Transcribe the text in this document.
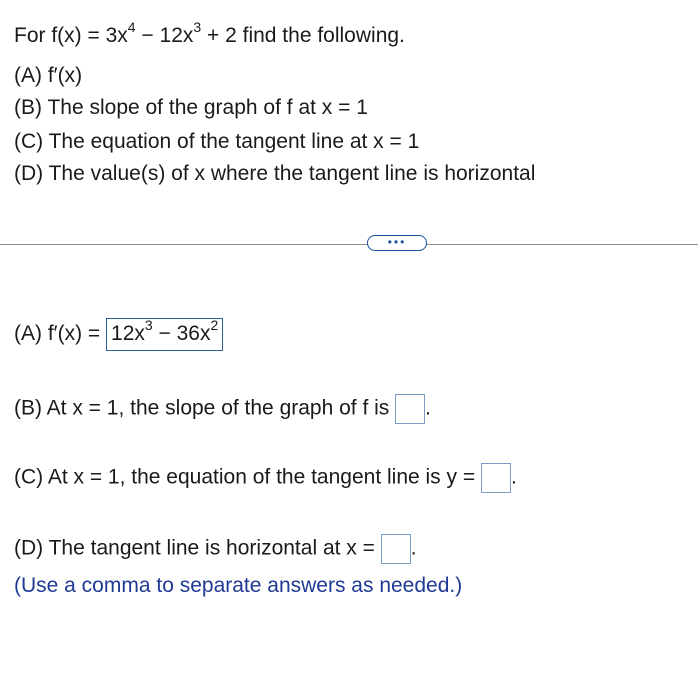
For $f(x) = 3x^4 - 12x^3 + 2$ find the following.
(A) f′(x)
(B) The slope of the graph of f at x = 1
(C) The equation of the tangent line at x = 1
(D) The value(s) of x where the tangent line is horizontal
•••
(A) $f'(x) = 12x^3 - 36x^2$
(B) At x = 1, the slope of the graph of f is .
(C) At x = 1, the equation of the tangent line is y = .
(D) The tangent line is horizontal at x = .
(Use a comma to separate answers as needed.)
